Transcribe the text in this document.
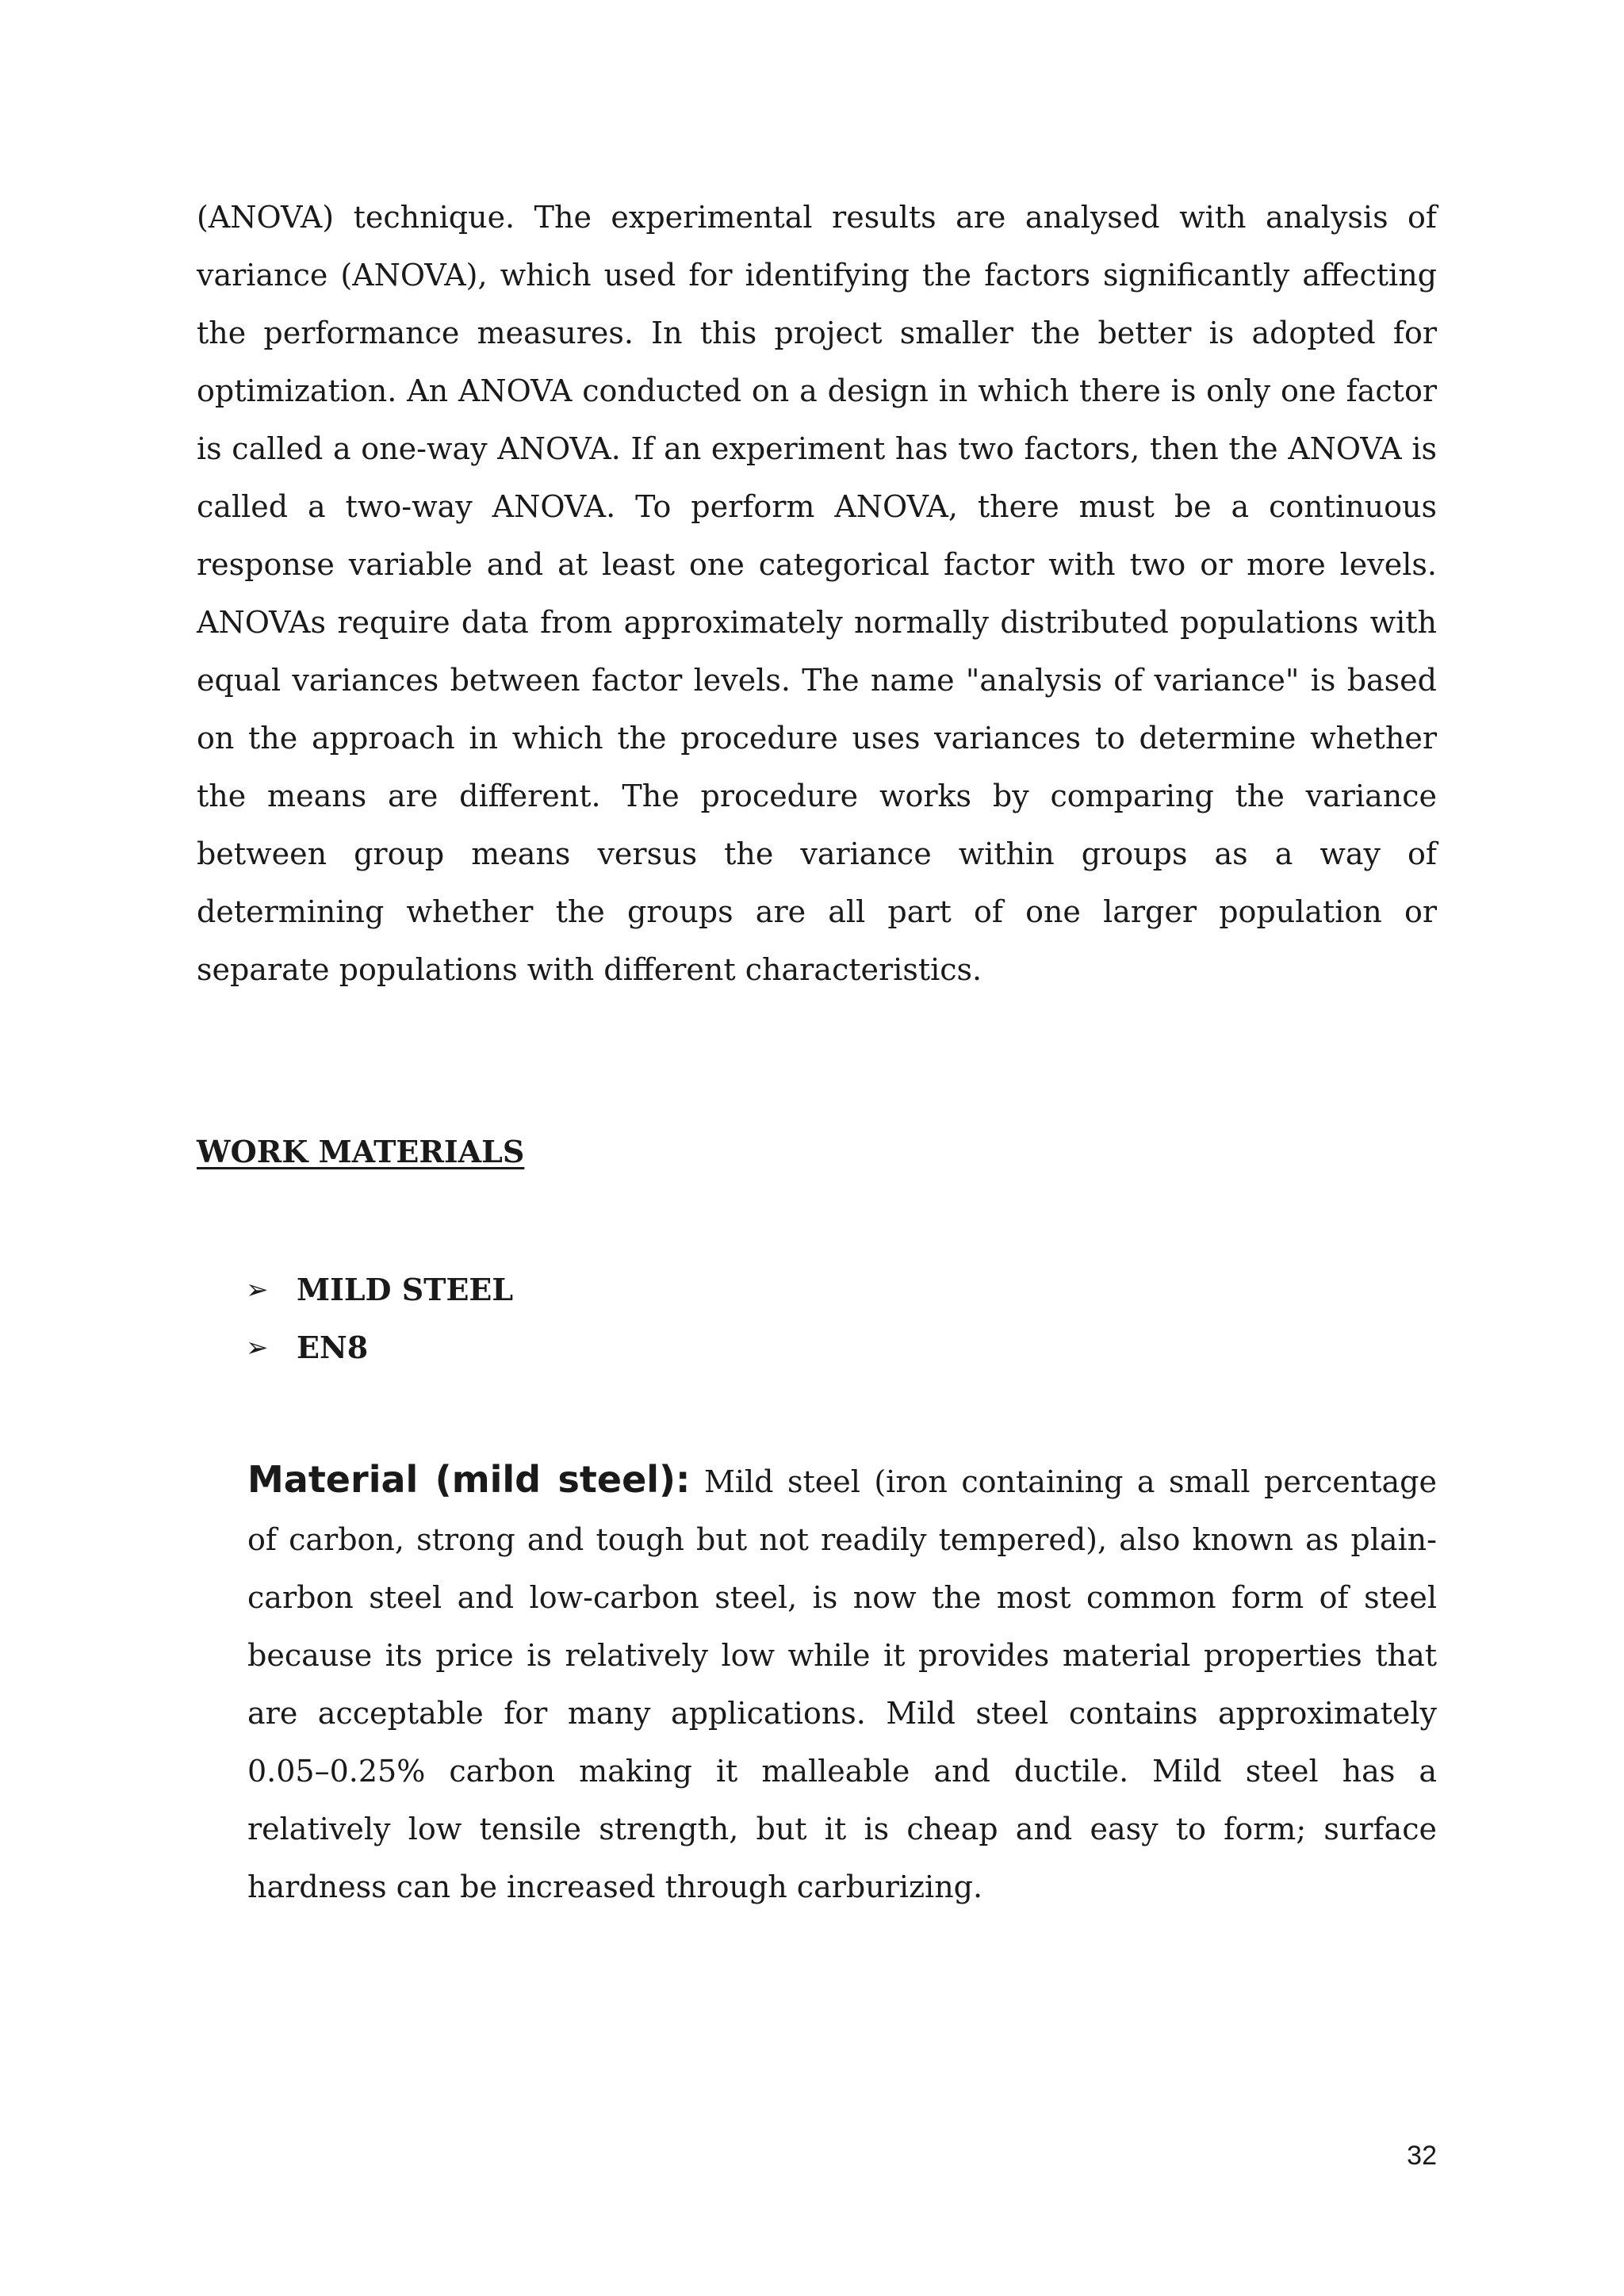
(ANOVA) technique. The experimental results are analysed with analysis of variance (ANOVA), which used for identifying the factors significantly affecting the performance measures. In this project smaller the better is adopted for optimization. An ANOVA conducted on a design in which there is only one factor is called a one-way ANOVA. If an experiment has two factors, then the ANOVA is called a two-way ANOVA. To perform ANOVA, there must be a continuous response variable and at least one categorical factor with two or more levels. ANOVAs require data from approximately normally distributed populations with equal variances between factor levels. The name "analysis of variance" is based on the approach in which the procedure uses variances to determine whether the means are different. The procedure works by comparing the variance between group means versus the variance within groups as a way of determining whether the groups are all part of one larger population or separate populations with different characteristics.

WORK MATERIALS
➢ MILD STEEL
➢ EN8

Material (mild steel): Mild steel (iron containing a small percentage of carbon, strong and tough but not readily tempered), also known as plain-carbon steel and low-carbon steel, is now the most common form of steel because its price is relatively low while it provides material properties that are acceptable for many applications. Mild steel contains approximately 0.05–0.25% carbon making it malleable and ductile. Mild steel has a relatively low tensile strength, but it is cheap and easy to form; surface hardness can be increased through carburizing.

32
